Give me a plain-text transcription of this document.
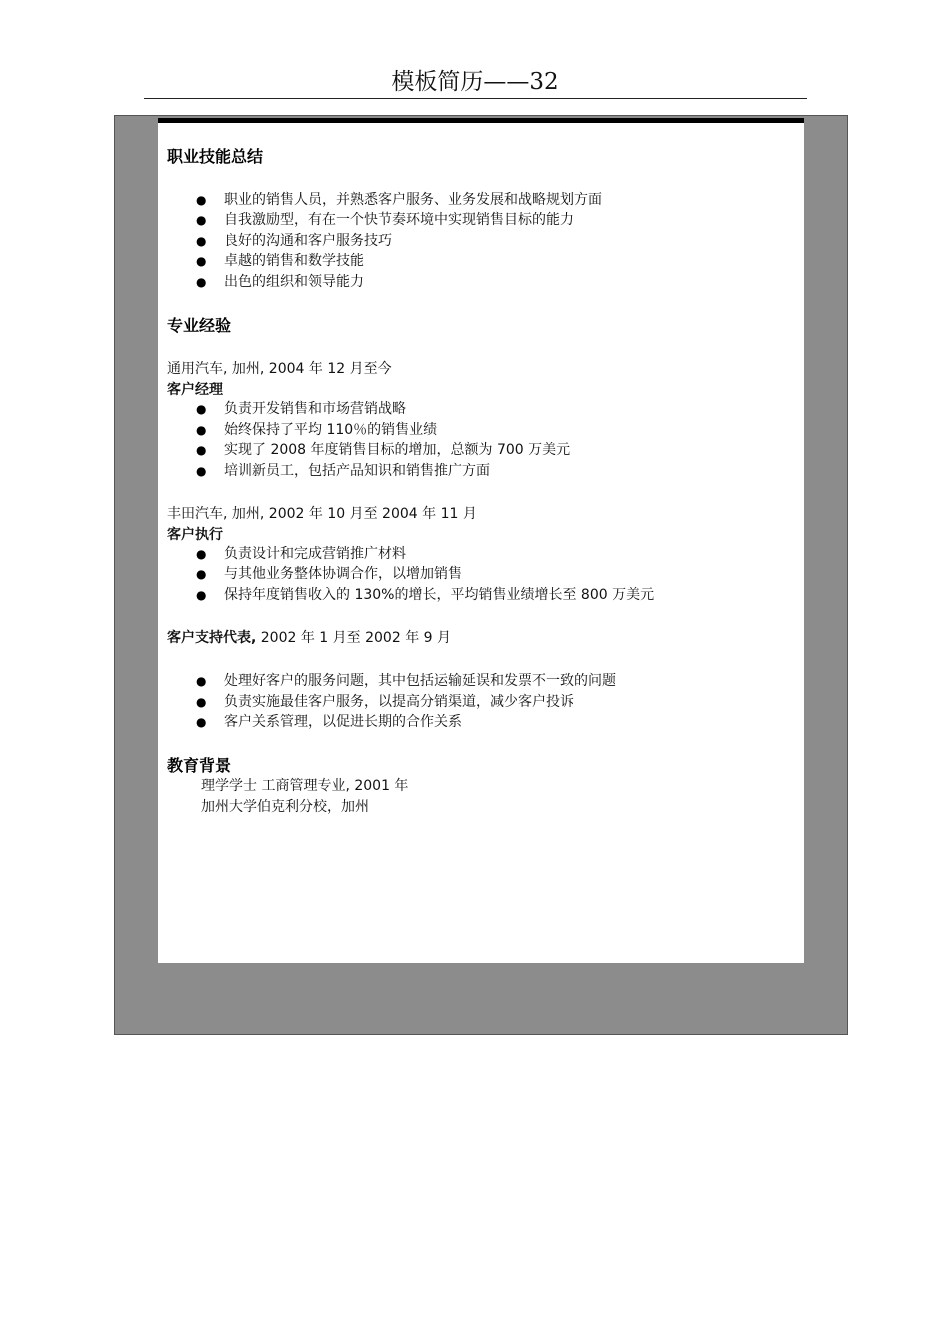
模板简历——32
职业技能总结
● 职业的销售人员，并熟悉客户服务、业务发展和战略规划方面
● 自我激励型，有在一个快节奏环境中实现销售目标的能力
● 良好的沟通和客户服务技巧
● 卓越的销售和数学技能
● 出色的组织和领导能力
专业经验
通用汽车, 加州, 2004 年 12 月至今
客户经理
● 负责开发销售和市场营销战略
● 始终保持了平均 110％的销售业绩
● 实现了 2008 年度销售目标的增加，总额为 700 万美元
● 培训新员工，包括产品知识和销售推广方面
丰田汽车, 加州, 2002 年 10 月至 2004 年 11 月
客户执行
● 负责设计和完成营销推广材料
● 与其他业务整体协调合作，以增加销售
● 保持年度销售收入的 130%的增长，平均销售业绩增长至 800 万美元
客户支持代表, 2002 年 1 月至 2002 年 9 月
● 处理好客户的服务问题，其中包括运输延误和发票不一致的问题
● 负责实施最佳客户服务，以提高分销渠道，减少客户投诉
● 客户关系管理，以促进长期的合作关系
教育背景
理学学士 工商管理专业, 2001 年
加州大学伯克利分校，加州
